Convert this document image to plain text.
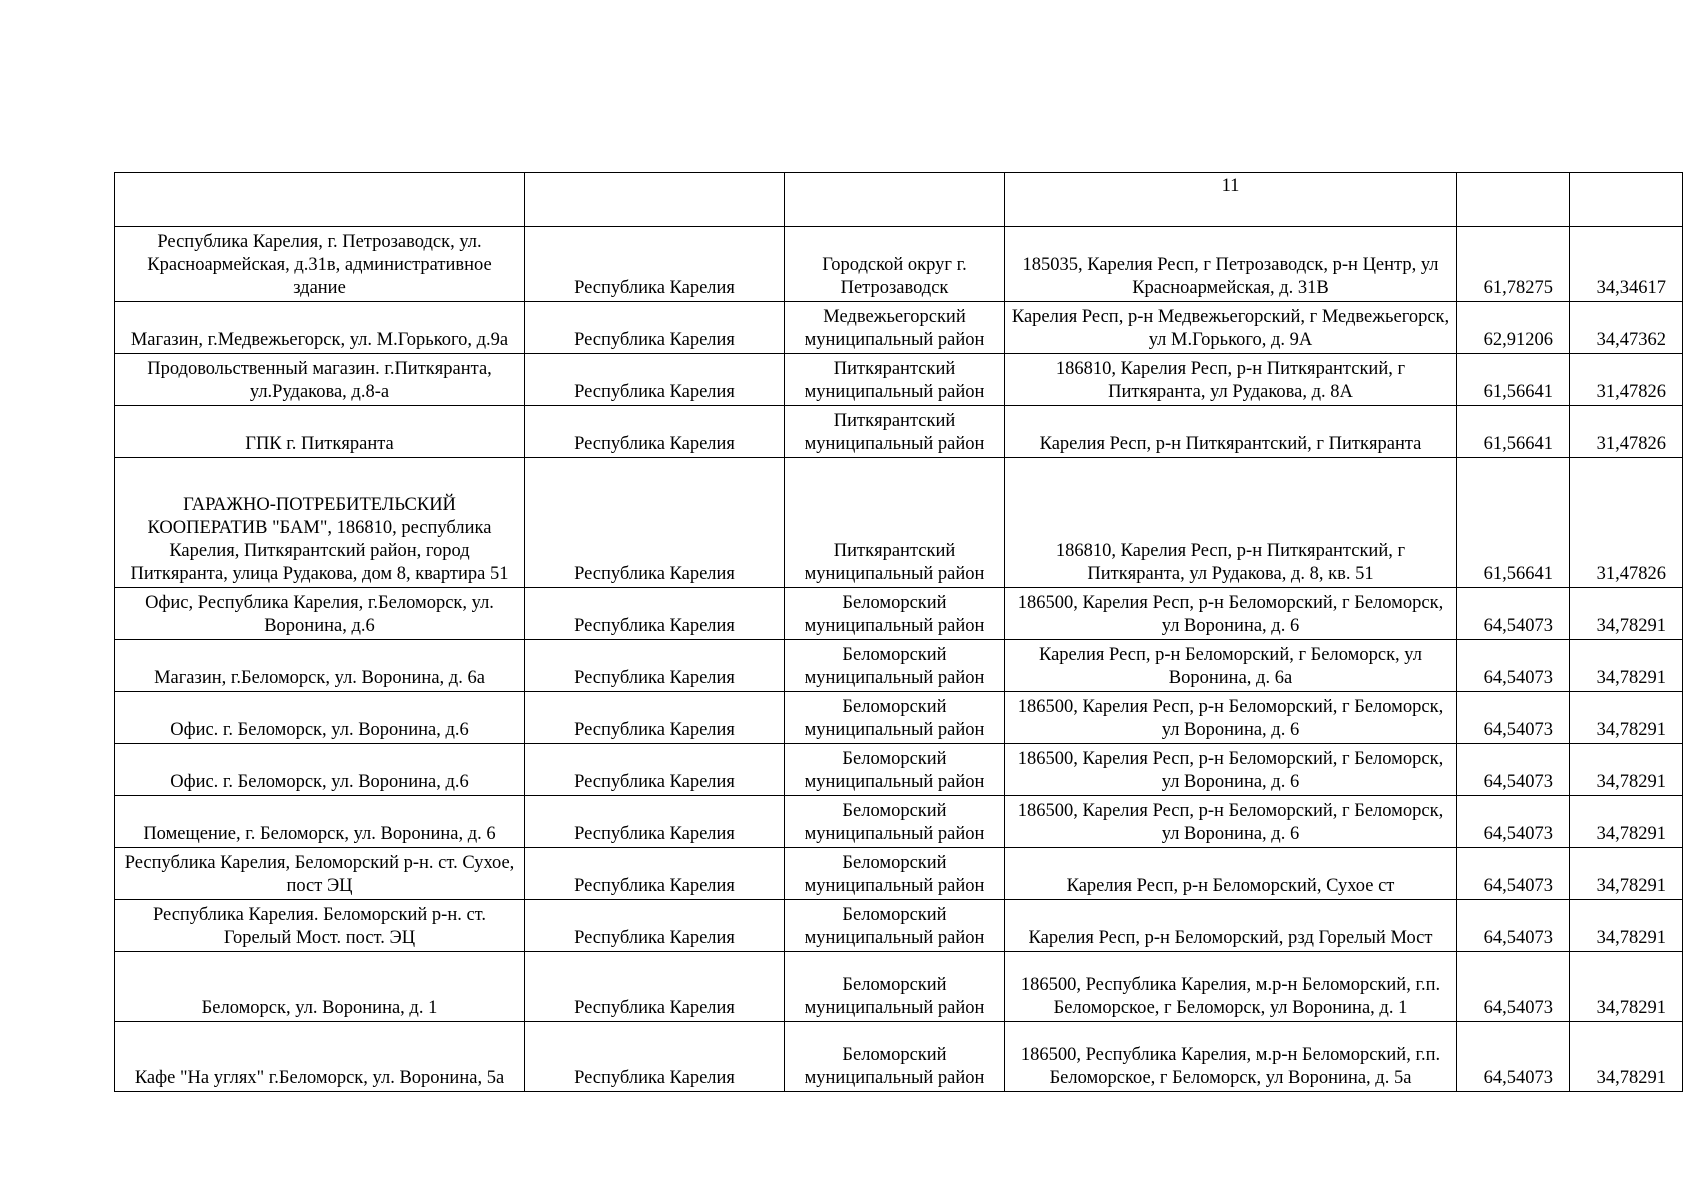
			11		
Республика Карелия, г. Петрозаводск, ул. Красноармейская, д.31в, административное здание	Республика Карелия	Городской округ г. Петрозаводск	185035, Карелия Респ, г Петрозаводск, р-н Центр, ул Красноармейская, д. 31В	61,78275	34,34617
Магазин, г.Медвежьегорск, ул. М.Горького, д.9а	Республика Карелия	Медвежьегорский муниципальный район	Карелия Респ, р-н Медвежьегорский, г Медвежьегорск, ул М.Горького, д. 9А	62,91206	34,47362
Продовольственный магазин. г.Питкяранта, ул.Рудакова, д.8-а	Республика Карелия	Питкярантский муниципальный район	186810, Карелия Респ, р-н Питкярантский, г Питкяранта, ул Рудакова, д. 8А	61,56641	31,47826
ГПК г. Питкяранта	Республика Карелия	Питкярантский муниципальный район	Карелия Респ, р-н Питкярантский, г Питкяранта	61,56641	31,47826
ГАРАЖНО-ПОТРЕБИТЕЛЬСКИЙ КООПЕРАТИВ "БАМ", 186810, республика Карелия, Питкярантский район, город Питкяранта, улица Рудакова, дом 8, квартира 51	Республика Карелия	Питкярантский муниципальный район	186810, Карелия Респ, р-н Питкярантский, г Питкяранта, ул Рудакова, д. 8, кв. 51	61,56641	31,47826
Офис, Республика Карелия, г.Беломорск, ул. Воронина, д.6	Республика Карелия	Беломорский муниципальный район	186500, Карелия Респ, р-н Беломорский, г Беломорск, ул Воронина, д. 6	64,54073	34,78291
Магазин, г.Беломорск, ул. Воронина, д. 6а	Республика Карелия	Беломорский муниципальный район	Карелия Респ, р-н Беломорский, г Беломорск, ул Воронина, д. 6а	64,54073	34,78291
Офис. г. Беломорск, ул. Воронина, д.6	Республика Карелия	Беломорский муниципальный район	186500, Карелия Респ, р-н Беломорский, г Беломорск, ул Воронина, д. 6	64,54073	34,78291
Офис. г. Беломорск, ул. Воронина, д.6	Республика Карелия	Беломорский муниципальный район	186500, Карелия Респ, р-н Беломорский, г Беломорск, ул Воронина, д. 6	64,54073	34,78291
Помещение, г. Беломорск, ул. Воронина, д. 6	Республика Карелия	Беломорский муниципальный район	186500, Карелия Респ, р-н Беломорский, г Беломорск, ул Воронина, д. 6	64,54073	34,78291
Республика Карелия, Беломорский р-н. ст. Сухое, пост ЭЦ	Республика Карелия	Беломорский муниципальный район	Карелия Респ, р-н Беломорский, Сухое ст	64,54073	34,78291
Республика Карелия. Беломорский р-н. ст. Горелый Мост. пост. ЭЦ	Республика Карелия	Беломорский муниципальный район	Карелия Респ, р-н Беломорский, рзд Горелый Мост	64,54073	34,78291
Беломорск, ул. Воронина, д. 1	Республика Карелия	Беломорский муниципальный район	186500, Республика Карелия, м.р-н Беломорский, г.п. Беломорское, г Беломорск, ул Воронина, д. 1	64,54073	34,78291
Кафе "На углях" г.Беломорск, ул. Воронина, 5а	Республика Карелия	Беломорский муниципальный район	186500, Республика Карелия, м.р-н Беломорский, г.п. Беломорское, г Беломорск, ул Воронина, д. 5а	64,54073	34,78291
